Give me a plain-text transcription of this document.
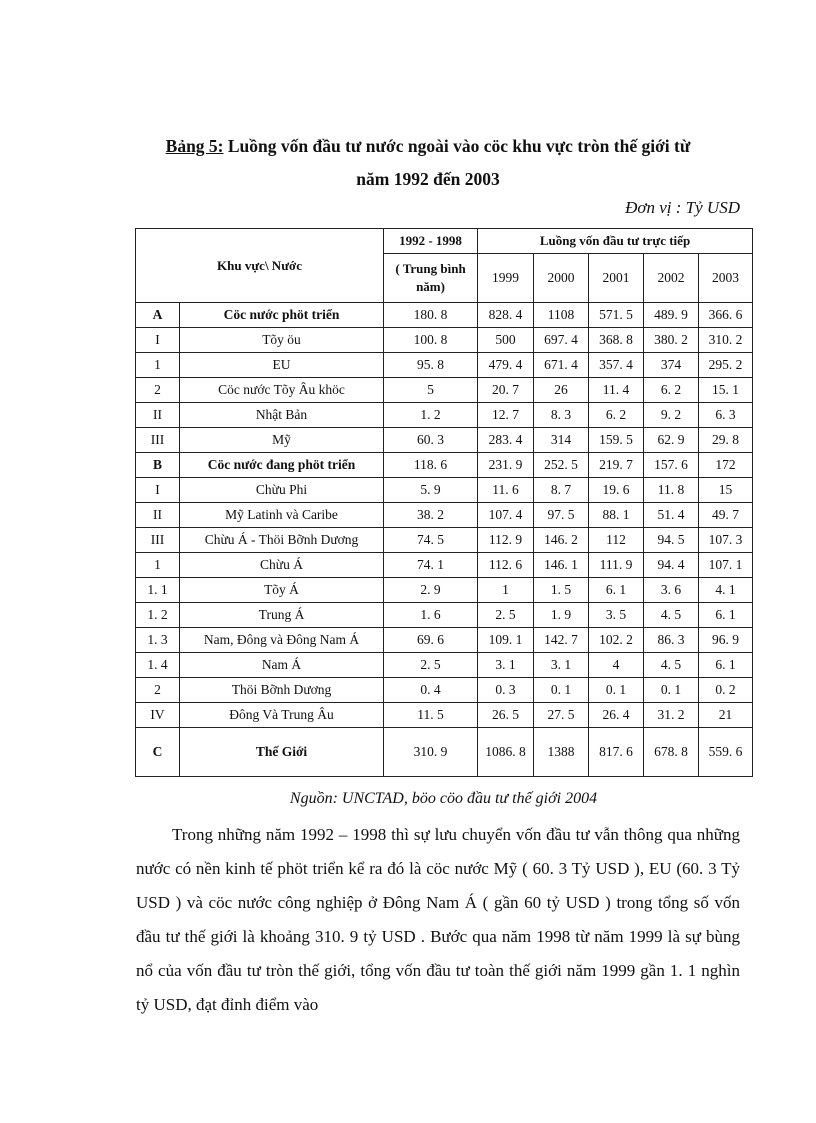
Bảng 5: Luồng vốn đầu tư nước ngoài vào cöc khu vực tròn thế giới từ
năm 1992 đến 2003
Đơn vị : Tỷ USD
Khu vực\ Nước		1992 - 1998	Luồng vốn đầu tư trực tiếp				
		( Trung bình năm)	1999	2000	2001	2002	2003
A	Cöc nước phöt triển	180. 8	828. 4	1108	571. 5	489. 9	366. 6
I	Tõy öu	100. 8	500	697. 4	368. 8	380. 2	310. 2
1	EU	95. 8	479. 4	671. 4	357. 4	374	295. 2
2	Cöc nước Tõy Âu khöc	5	20. 7	26	11. 4	6. 2	15. 1
II	Nhật Bản	1. 2	12. 7	8. 3	6. 2	9. 2	6. 3
III	Mỹ	60. 3	283. 4	314	159. 5	62. 9	29. 8
B	Cöc nước đang phöt triển	118. 6	231. 9	252. 5	219. 7	157. 6	172
I	Chừu Phi	5. 9	11. 6	8. 7	19. 6	11. 8	15
II	Mỹ Latinh và Caribe	38. 2	107. 4	97. 5	88. 1	51. 4	49. 7
III	Chừu Á - Thöi Bỡnh Dương	74. 5	112. 9	146. 2	112	94. 5	107. 3
1	Chừu Á	74. 1	112. 6	146. 1	111. 9	94. 4	107. 1
1. 1	Tõy Á	2. 9	1	1. 5	6. 1	3. 6	4. 1
1. 2	Trung Á	1. 6	2. 5	1. 9	3. 5	4. 5	6. 1
1. 3	Nam, Đông và Đông Nam Á	69. 6	109. 1	142. 7	102. 2	86. 3	96. 9
1. 4	Nam Á	2. 5	3. 1	3. 1	4	4. 5	6. 1
2	Thöi Bỡnh Dương	0. 4	0. 3	0. 1	0. 1	0. 1	0. 2
IV	Đông Và Trung Âu	11. 5	26. 5	27. 5	26. 4	31. 2	21
C	Thế Giới	310. 9	1086. 8	1388	817. 6	678. 8	559. 6
Nguồn: UNCTAD, böo cöo đầu tư thế giới 2004

Trong những năm 1992 – 1998 thì sự lưu chuyển vốn đầu tư vẫn thông qua những nước có nền kinh tế phöt triển kể ra đó là cöc nước Mỹ ( 60. 3 Tỷ USD ), EU (60. 3 Tỷ USD ) và cöc nước công nghiệp ở Đông Nam Á ( gần 60 tỷ USD ) trong tổng số vốn đầu tư thế giới là khoảng 310. 9 tỷ USD . Bước qua năm 1998 từ năm 1999 là sự bùng nổ của vốn đầu tư tròn thế giới, tổng vốn đầu tư toàn thế giới năm 1999 gần 1. 1 nghìn tỷ USD, đạt đỉnh điểm vào
